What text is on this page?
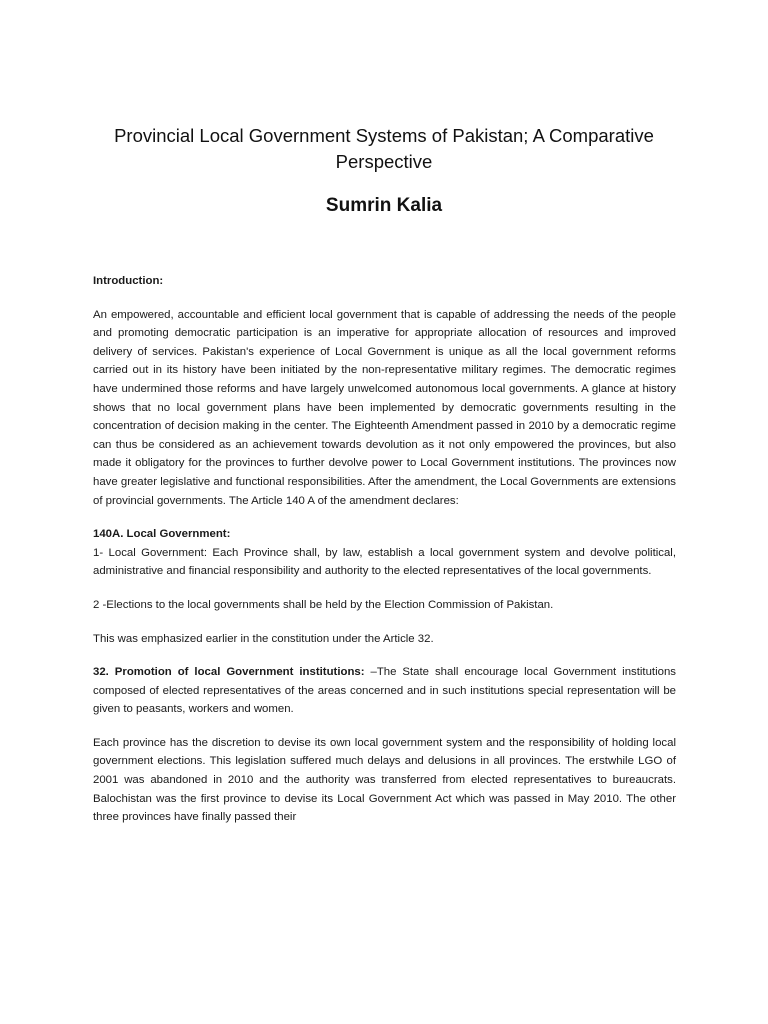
Provincial Local Government Systems of Pakistan; A Comparative Perspective
Sumrin Kalia

Introduction:

An empowered, accountable and efficient local government that is capable of addressing the needs of the people and promoting democratic participation is an imperative for appropriate allocation of resources and improved delivery of services. Pakistan's experience of Local Government is unique as all the local government reforms carried out in its history have been initiated by the non-representative military regimes. The democratic regimes have undermined those reforms and have largely unwelcomed autonomous local governments. A glance at history shows that no local government plans have been implemented by democratic governments resulting in the concentration of decision making in the center. The Eighteenth Amendment passed in 2010 by a democratic regime can thus be considered as an achievement towards devolution as it not only empowered the provinces, but also made it obligatory for the provinces to further devolve power to Local Government institutions. The provinces now have greater legislative and functional responsibilities. After the amendment, the Local Governments are extensions of provincial governments. The Article 140 A of the amendment declares:

140A. Local Government:

1- Local Government: Each Province shall, by law, establish a local government system and devolve political, administrative and financial responsibility and authority to the elected representatives of the local governments.

2 -Elections to the local governments shall be held by the Election Commission of Pakistan.

This was emphasized earlier in the constitution under the Article 32.

32. Promotion of local Government institutions: –The State shall encourage local Government institutions composed of elected representatives of the areas concerned and in such institutions special representation will be given to peasants, workers and women.

Each province has the discretion to devise its own local government system and the responsibility of holding local government elections. This legislation suffered much delays and delusions in all provinces. The erstwhile LGO of 2001 was abandoned in 2010 and the authority was transferred from elected representatives to bureaucrats. Balochistan was the first province to devise its Local Government Act which was passed in May 2010. The other three provinces have finally passed their
